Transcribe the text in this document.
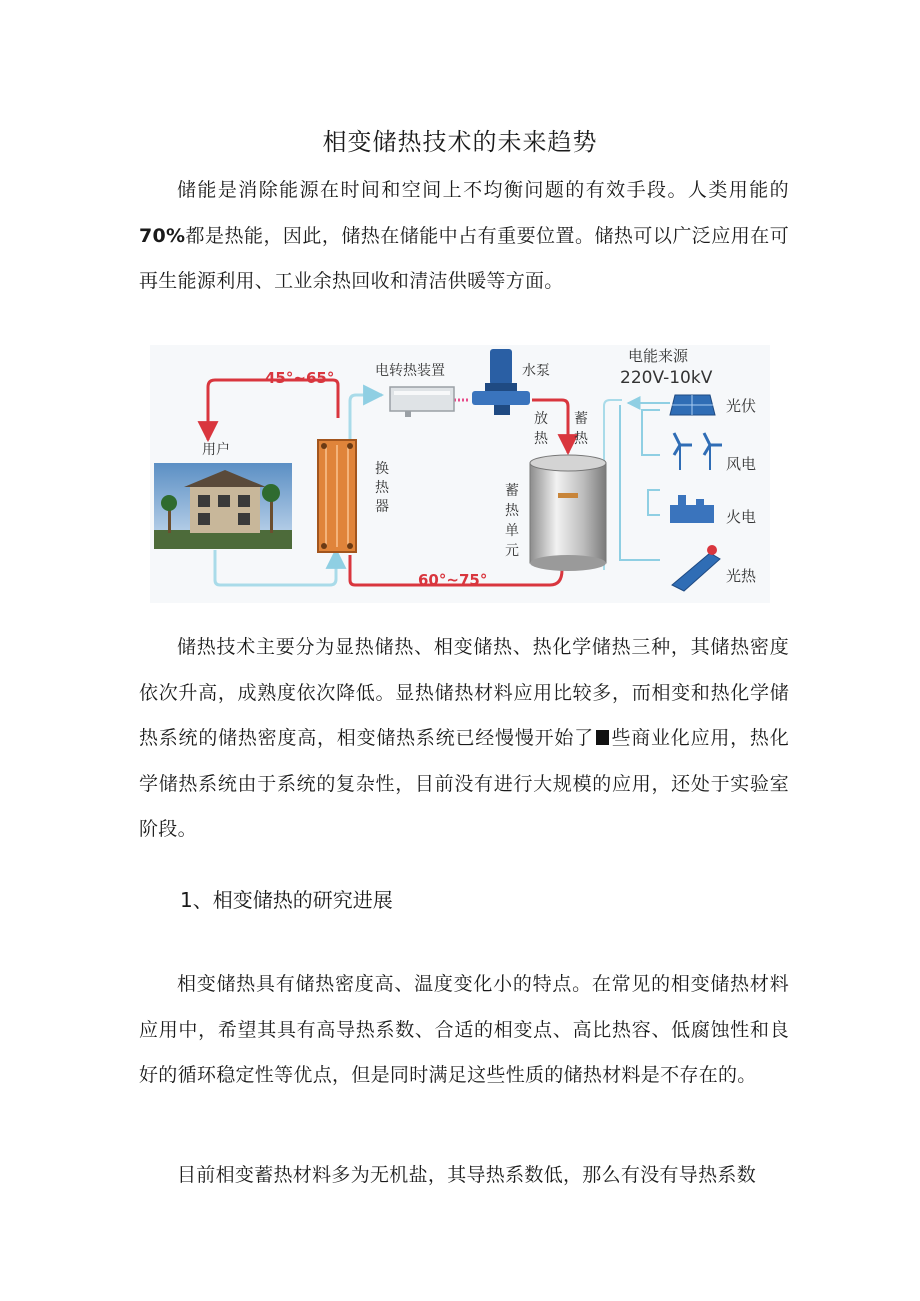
相变储热技术的未来趋势

储能是消除能源在时间和空间上不均衡问题的有效手段。人类用能的70%都是热能，因此，储热在储能中占有重要位置。储热可以广泛应用在可再生能源利用、工业余热回收和清洁供暖等方面。

45°~65°
60°~75°
用户
电转热装置	水泵
电能来源
220V-10kV
换
热
器
放
热
蓄
热
蓄
热
单
元
光伏
风电
火电
光热

储热技术主要分为显热储热、相变储热、热化学储热三种，其储热密度依次升高，成熟度依次降低。显热储热材料应用比较多，而相变和热化学储热系统的储热密度高，相变储热系统已经慢慢开始了 些商业化应用，热化学储热系统由于系统的复杂性，目前没有进行大规模的应用，还处于实验室阶段。

1、相变储热的研究进展

相变储热具有储热密度高、温度变化小的特点。在常见的相变储热材料应用中，希望其具有高导热系数、合适的相变点、高比热容、低腐蚀性和良好的循环稳定性等优点，但是同时满足这些性质的储热材料是不存在的。

目前相变蓄热材料多为无机盐，其导热系数低，那么有没有导热系数
